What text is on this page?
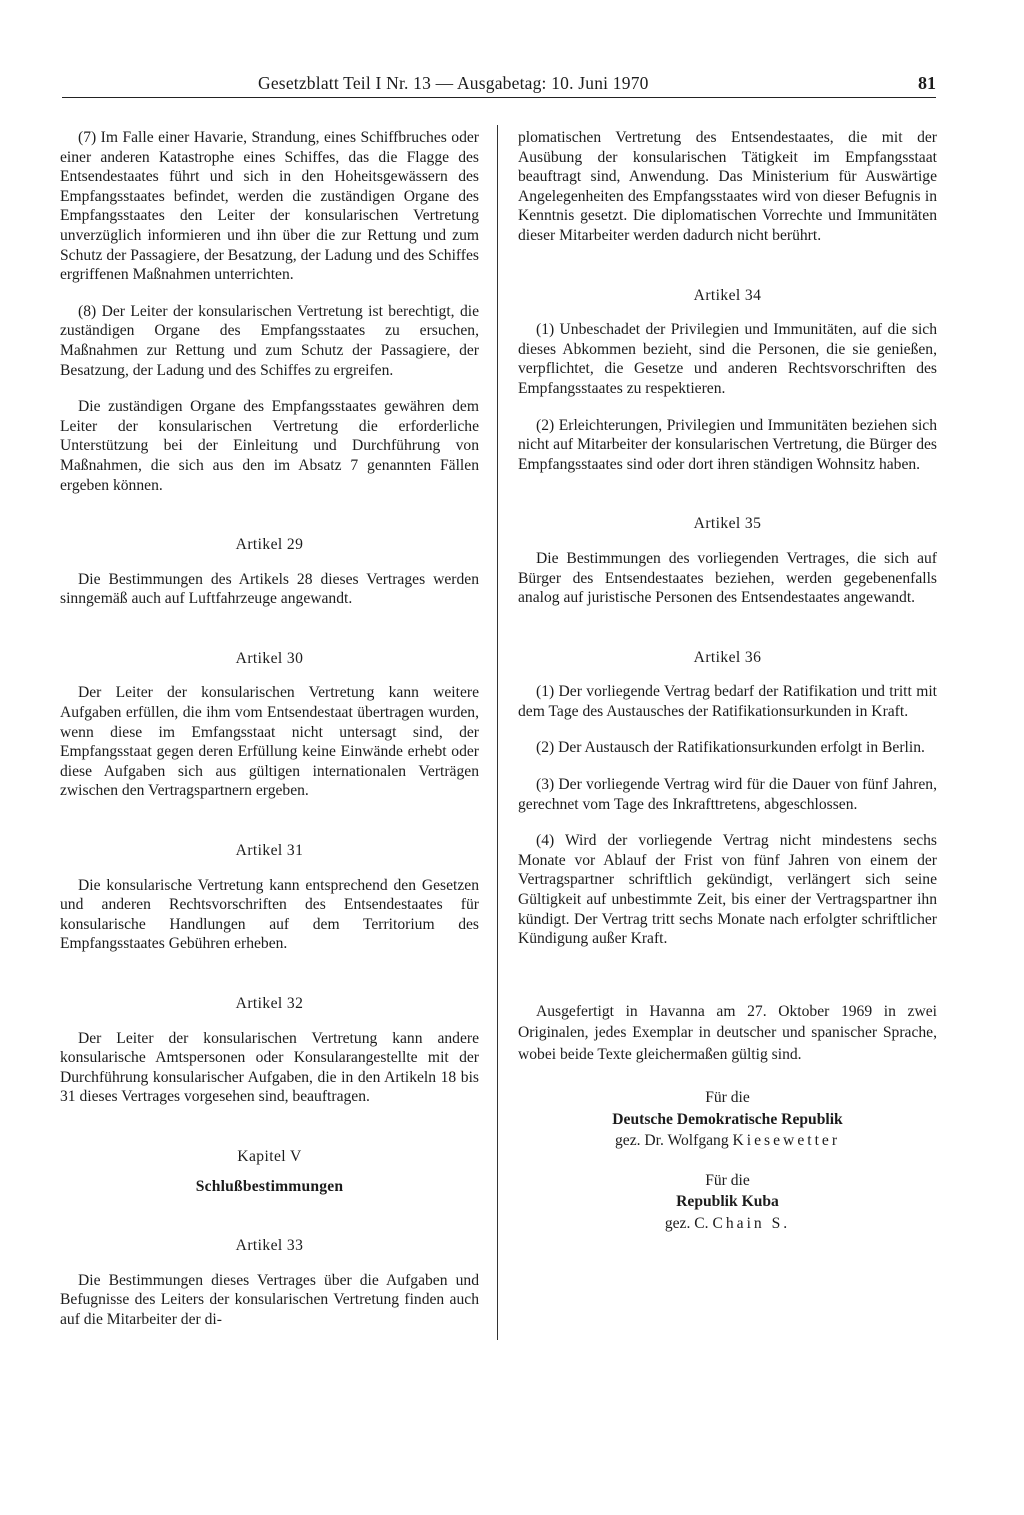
Gesetzblatt Teil I Nr. 13 — Ausgabetag: 10. Juni 1970	81

(7) Im Falle einer Havarie, Strandung, eines Schiffbruches oder einer anderen Katastrophe eines Schiffes, das die Flagge des Entsendestaates führt und sich in den Hoheitsgewässern des Empfangsstaates befindet, werden die zuständigen Organe des Empfangsstaates den Leiter der konsularischen Vertretung unverzüglich informieren und ihn über die zur Rettung und zum Schutz der Passagiere, der Besatzung, der Ladung und des Schiffes ergriffenen Maßnahmen unterrichten.

(8) Der Leiter der konsularischen Vertretung ist berechtigt, die zuständigen Organe des Empfangsstaates zu ersuchen, Maßnahmen zur Rettung und zum Schutz der Passagiere, der Besatzung, der Ladung und des Schiffes zu ergreifen.

Die zuständigen Organe des Empfangsstaates gewähren dem Leiter der konsularischen Vertretung die erforderliche Unterstützung bei der Einleitung und Durchführung von Maßnahmen, die sich aus den im Absatz 7 genannten Fällen ergeben können.

Artikel 29

Die Bestimmungen des Artikels 28 dieses Vertrages werden sinngemäß auch auf Luftfahrzeuge angewandt.

Artikel 30

Der Leiter der konsularischen Vertretung kann weitere Aufgaben erfüllen, die ihm vom Entsendestaat übertragen wurden, wenn diese im Emfangsstaat nicht untersagt sind, der Empfangsstaat gegen deren Erfüllung keine Einwände erhebt oder diese Aufgaben sich aus gültigen internationalen Verträgen zwischen den Vertragspartnern ergeben.

Artikel 31

Die konsularische Vertretung kann entsprechend den Gesetzen und anderen Rechtsvorschriften des Entsendestaates für konsularische Handlungen auf dem Territorium des Empfangsstaates Gebühren erheben.

Artikel 32

Der Leiter der konsularischen Vertretung kann andere konsularische Amtspersonen oder Konsularangestellte mit der Durchführung konsularischer Aufgaben, die in den Artikeln 18 bis 31 dieses Vertrages vorgesehen sind, beauftragen.

Kapitel V

Schlußbestimmungen

Artikel 33

Die Bestimmungen dieses Vertrages über die Aufgaben und Befugnisse des Leiters der konsularischen Vertretung finden auch auf die Mitarbeiter der di-

plomatischen Vertretung des Entsendestaates, die mit der Ausübung der konsularischen Tätigkeit im Empfangsstaat beauftragt sind, Anwendung. Das Ministerium für Auswärtige Angelegenheiten des Empfangsstaates wird von dieser Befugnis in Kenntnis gesetzt. Die diplomatischen Vorrechte und Immunitäten dieser Mitarbeiter werden dadurch nicht berührt.

Artikel 34

(1) Unbeschadet der Privilegien und Immunitäten, auf die sich dieses Abkommen bezieht, sind die Personen, die sie genießen, verpflichtet, die Gesetze und anderen Rechtsvorschriften des Empfangsstaates zu respektieren.

(2) Erleichterungen, Privilegien und Immunitäten beziehen sich nicht auf Mitarbeiter der konsularischen Vertretung, die Bürger des Empfangsstaates sind oder dort ihren ständigen Wohnsitz haben.

Artikel 35

Die Bestimmungen des vorliegenden Vertrages, die sich auf Bürger des Entsendestaates beziehen, werden gegebenenfalls analog auf juristische Personen des Entsendestaates angewandt.

Artikel 36

(1) Der vorliegende Vertrag bedarf der Ratifikation und tritt mit dem Tage des Austausches der Ratifikationsurkunden in Kraft.

(2) Der Austausch der Ratifikationsurkunden erfolgt in Berlin.

(3) Der vorliegende Vertrag wird für die Dauer von fünf Jahren, gerechnet vom Tage des Inkrafttretens, abgeschlossen.

(4) Wird der vorliegende Vertrag nicht mindestens sechs Monate vor Ablauf der Frist von fünf Jahren von einem der Vertragspartner schriftlich gekündigt, verlängert sich seine Gültigkeit auf unbestimmte Zeit, bis einer der Vertragspartner ihn kündigt. Der Vertrag tritt sechs Monate nach erfolgter schriftlicher Kündigung außer Kraft.

Ausgefertigt in Havanna am 27. Oktober 1969 in zwei Originalen, jedes Exemplar in deutscher und spanischer Sprache, wobei beide Texte gleichermaßen gültig sind.

Für die

Deutsche Demokratische Republik

gez. Dr. Wolfgang Kiesewetter

Für die

Republik Kuba

gez. C. Chain S.
